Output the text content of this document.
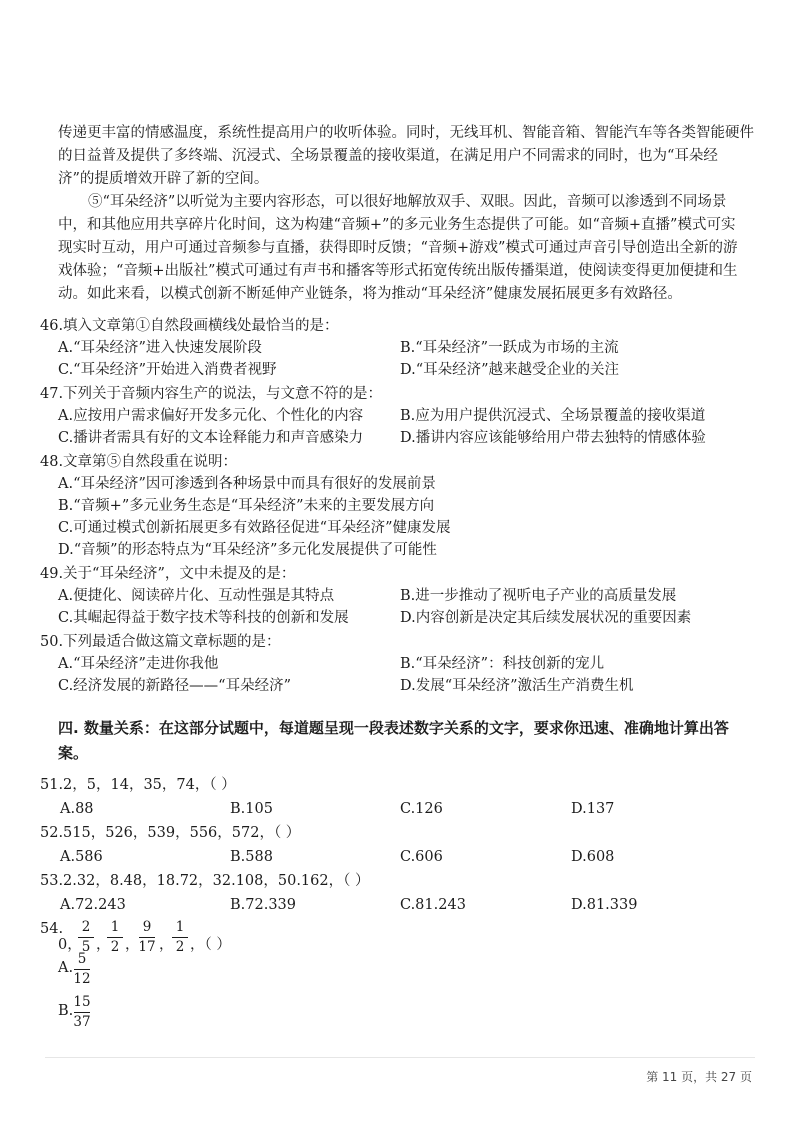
传递更丰富的情感温度，系统性提高用户的收听体验。同时，无线耳机、智能音箱、智能汽车等各类智能硬件
的日益普及提供了多终端、沉浸式、全场景覆盖的接收渠道，在满足用户不同需求的同时，也为“耳朵经
济”的提质增效开辟了新的空间。
⑤“耳朵经济”以听觉为主要内容形态，可以很好地解放双手、双眼。因此，音频可以渗透到不同场景
中，和其他应用共享碎片化时间，这为构建“音频+”的多元业务生态提供了可能。如“音频+直播”模式可实
现实时互动，用户可通过音频参与直播，获得即时反馈；“音频+游戏”模式可通过声音引导创造出全新的游
戏体验；“音频+出版社”模式可通过有声书和播客等形式拓宽传统出版传播渠道，使阅读变得更加便捷和生
动。如此来看，以模式创新不断延伸产业链条，将为推动“耳朵经济”健康发展拓展更多有效路径。
46.填入文章第①自然段画横线处最恰当的是：
A.“耳朵经济”进入快速发展阶段	B.“耳朵经济”一跃成为市场的主流
C.“耳朵经济”开始进入消费者视野	D.“耳朵经济”越来越受企业的关注
47.下列关于音频内容生产的说法，与文意不符的是：
A.应按用户需求偏好开发多元化、个性化的内容	B.应为用户提供沉浸式、全场景覆盖的接收渠道
C.播讲者需具有好的文本诠释能力和声音感染力	D.播讲内容应该能够给用户带去独特的情感体验
48.文章第⑤自然段重在说明：
A.“耳朵经济”因可渗透到各种场景中而具有很好的发展前景
B.“音频+”多元业务生态是“耳朵经济”未来的主要发展方向
C.可通过模式创新拓展更多有效路径促进“耳朵经济”健康发展
D.“音频”的形态特点为“耳朵经济”多元化发展提供了可能性
49.关于“耳朵经济”，文中未提及的是：
A.便捷化、阅读碎片化、互动性强是其特点	B.进一步推动了视听电子产业的高质量发展
C.其崛起得益于数字技术等科技的创新和发展	D.内容创新是决定其后续发展状况的重要因素
50.下列最适合做这篇文章标题的是：
A.“耳朵经济”走进你我他	B.“耳朵经济”：科技创新的宠儿
C.经济发展的新路径——“耳朵经济”	D.发展“耳朵经济”激活生产消费生机
四. 数量关系：在这部分试题中，每道题呈现一段表述数字关系的文字，要求你迅速、准确地计算出答案。
51.2，5，14，35，74，（ ）
A.88	B.105	C.126	D.137
52.515，526，539，556，572，（ ）
A.586	B.588	C.606	D.608
53.2.32，8.48，18.72，32.108，50.162，（ ）
A.72.243	B.72.339	C.81.243	D.81.339
54.
0，
2
5 ，
1
2 ，
9
17 ，
1
2 ，（ ）
A.
5
12
B.
15
37
第 11 页，共 27 页
